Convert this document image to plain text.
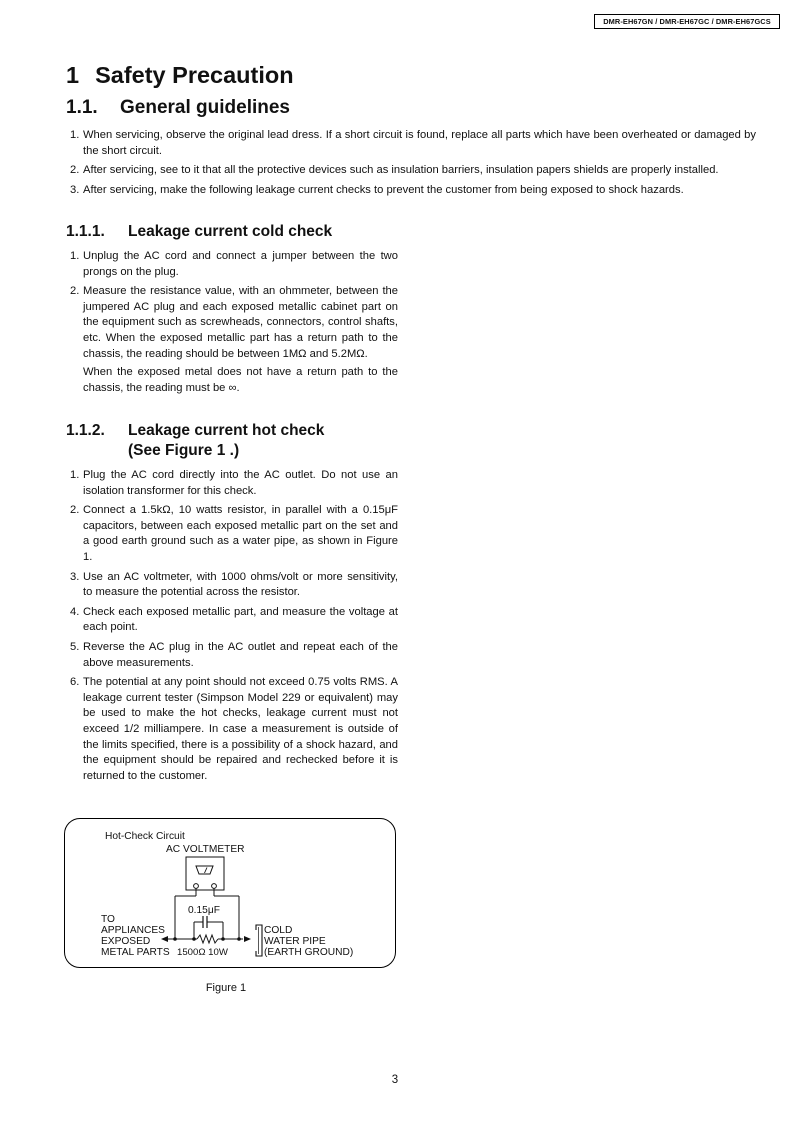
DMR-EH67GN / DMR-EH67GC / DMR-EH67GCS
1 Safety Precaution
1.1. General guidelines
1. When servicing, observe the original lead dress. If a short circuit is found, replace all parts which have been overheated or damaged by the short circuit.
2. After servicing, see to it that all the protective devices such as insulation barriers, insulation papers shields are properly installed.
3. After servicing, make the following leakage current checks to prevent the customer from being exposed to shock hazards.
1.1.1. Leakage current cold check
1. Unplug the AC cord and connect a jumper between the two prongs on the plug.
2. Measure the resistance value, with an ohmmeter, between the jumpered AC plug and each exposed metallic cabinet part on the equipment such as screwheads, connectors, control shafts, etc. When the exposed metallic part has a return path to the chassis, the reading should be between 1MΩ and 5.2MΩ.

When the exposed metal does not have a return path to the chassis, the reading must be ∞.

1.1.2. Leakage current hot check
(See Figure 1 .)
1. Plug the AC cord directly into the AC outlet. Do not use an isolation transformer for this check.
2. Connect a 1.5kΩ, 10 watts resistor, in parallel with a 0.15μF capacitors, between each exposed metallic part on the set and a good earth ground such as a water pipe, as shown in Figure 1.
3. Use an AC voltmeter, with 1000 ohms/volt or more sensitivity, to measure the potential across the resistor.
4. Check each exposed metallic part, and measure the voltage at each point.
5. Reverse the AC plug in the AC outlet and repeat each of the above measurements.
6. The potential at any point should not exceed 0.75 volts RMS. A leakage current tester (Simpson Model 229 or equivalent) may be used to make the hot checks, leakage current must not exceed 1/2 milliampere. In case a measurement is outside of the limits specified, there is a possibility of a shock hazard, and the equipment should be repaired and rechecked before it is returned to the customer.
Hot-Check Circuit
AC VOLTMETER
0.15μF
TO
APPLIANCES
EXPOSED
METAL PARTS 1500Ω 10W
COLD
WATER PIPE
(EARTH GROUND)
Figure 1
3
